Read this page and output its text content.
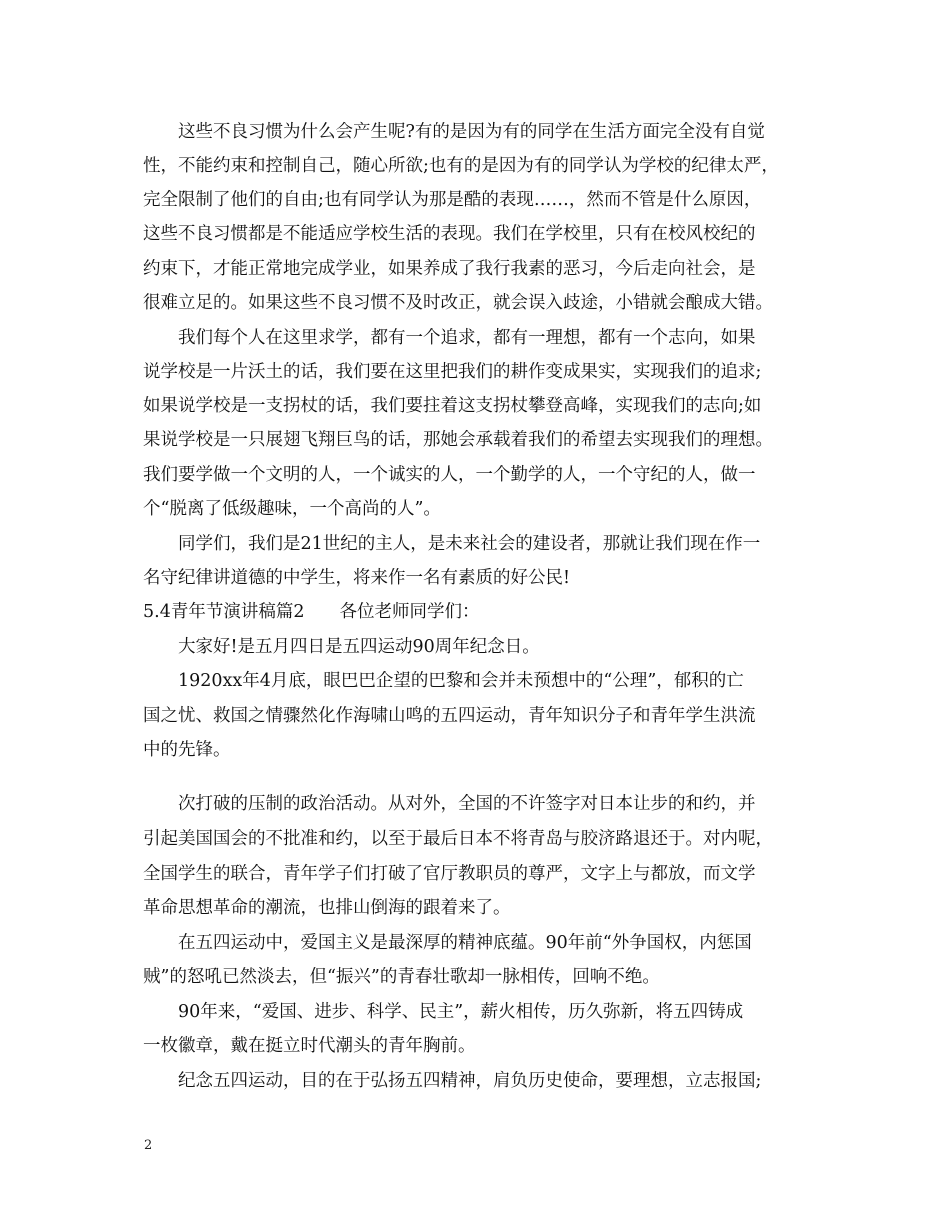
这些不良习惯为什么会产生呢?有的是因为有的同学在生活方面完全没有自觉
性，不能约束和控制自己，随心所欲;也有的是因为有的同学认为学校的纪律太严，
完全限制了他们的自由;也有同学认为那是酷的表现……，然而不管是什么原因，
这些不良习惯都是不能适应学校生活的表现。我们在学校里，只有在校风校纪的
约束下，才能正常地完成学业，如果养成了我行我素的恶习，今后走向社会，是
很难立足的。如果这些不良习惯不及时改正，就会误入歧途，小错就会酿成大错。
我们每个人在这里求学，都有一个追求，都有一理想，都有一个志向，如果
说学校是一片沃土的话，我们要在这里把我们的耕作变成果实，实现我们的追求;
如果说学校是一支拐杖的话，我们要拄着这支拐杖攀登高峰，实现我们的志向;如
果说学校是一只展翅飞翔巨鸟的话，那她会承载着我们的希望去实现我们的理想。
我们要学做一个文明的人，一个诚实的人，一个勤学的人，一个守纪的人，做一
个“脱离了低级趣味，一个高尚的人”。
同学们，我们是21世纪的主人，是未来社会的建设者，那就让我们现在作一
名守纪律讲道德的中学生，将来作一名有素质的好公民!
5.4青年节演讲稿篇2　　各位老师同学们：
大家好!是五月四日是五四运动90周年纪念日。
1920xx年4月底，眼巴巴企望的巴黎和会并未预想中的“公理”，郁积的亡
国之忧、救国之情骤然化作海啸山鸣的五四运动，青年知识分子和青年学生洪流
中的先锋。
次打破的压制的政治活动。从对外，全国的不许签字对日本让步的和约，并
引起美国国会的不批准和约，以至于最后日本不将青岛与胶济路退还于。对内呢，
全国学生的联合，青年学子们打破了官厅教职员的尊严，文字上与都放，而文学
革命思想革命的潮流，也排山倒海的跟着来了。
在五四运动中，爱国主义是最深厚的精神底蕴。90年前“外争国权，内惩国
贼”的怒吼已然淡去，但“振兴”的青春壮歌却一脉相传，回响不绝。
90年来，“爱国、进步、科学、民主”，薪火相传，历久弥新，将五四铸成
一枚徽章，戴在挺立时代潮头的青年胸前。
纪念五四运动，目的在于弘扬五四精神，肩负历史使命，要理想，立志报国;
2
